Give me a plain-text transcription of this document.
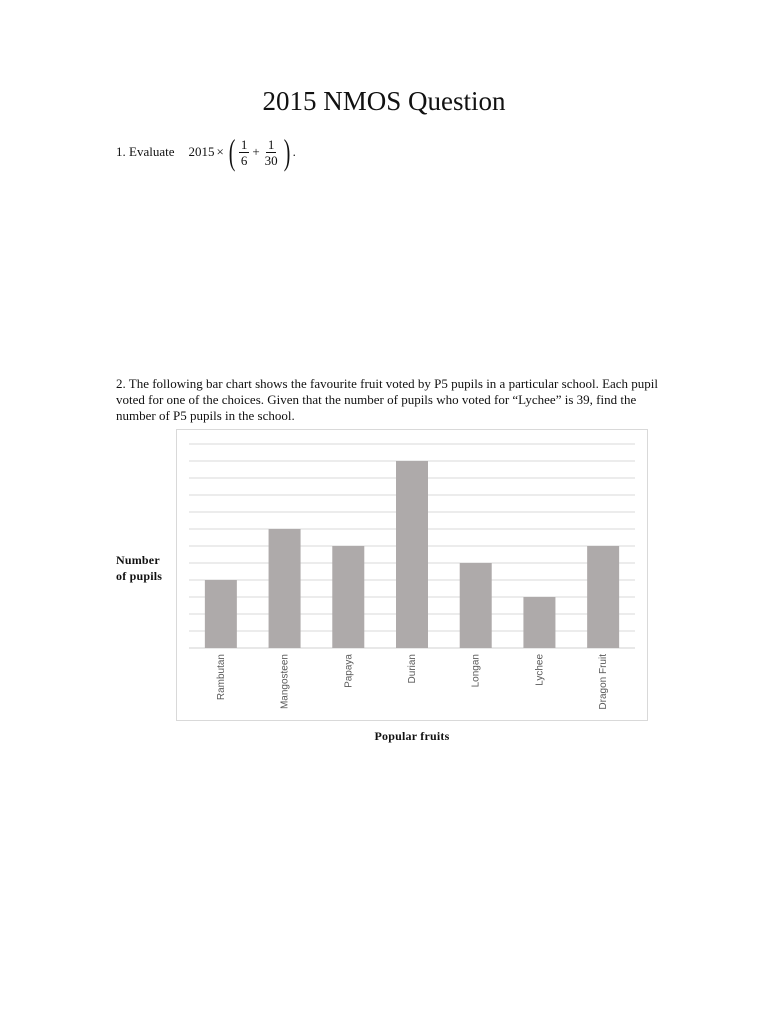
2015 NMOS Question
1. Evaluate 2015 × ( $\frac{1}{6} + \frac{1}{30}$ ) .

2. The following bar chart shows the favourite fruit voted by P5 pupils in a particular school. Each pupil voted for one of the choices. Given that the number of pupils who voted for “Lychee” is 39, find the number of P5 pupils in the school.

Rambutan	Mangosteen	Papaya	Durian	Longan	Lychee	Dragon Fruit
Number
of pupils
Popular fruits
